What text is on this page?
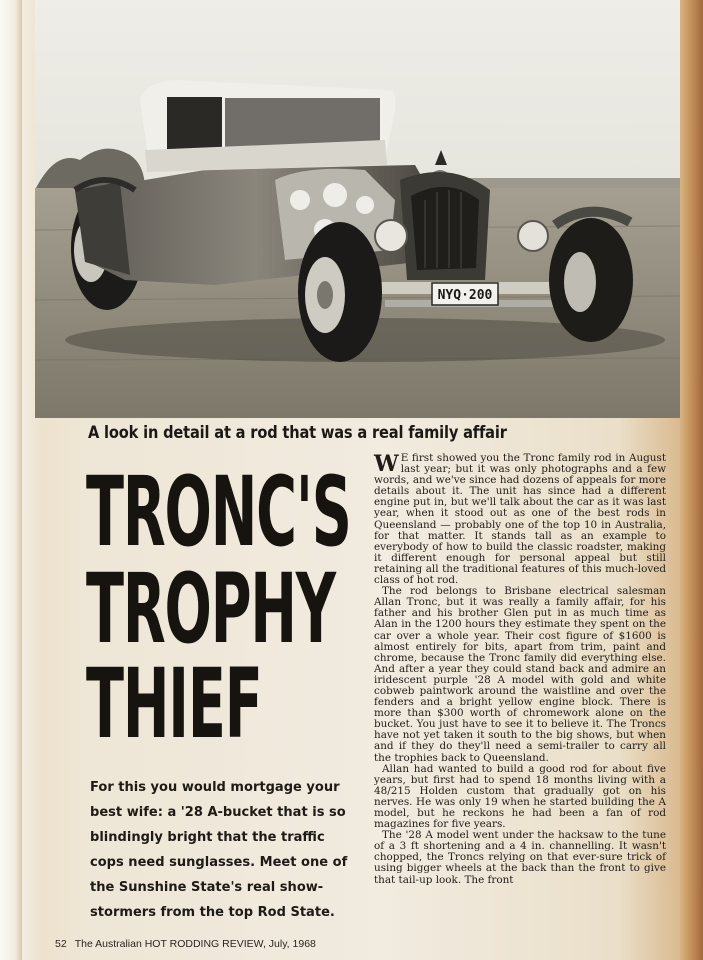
NYQ·200
A look in detail at a rod that was a real family affair
TRONC'S
TROPHY
THIEF
For this you would mortgage your best wife: a '28 A-bucket that is so blindingly bright that the traffic cops need sunglasses. Meet one of the Sunshine State's real show-stormers from the top Rod State.

W E first showed you the Tronc family rod in August last year; but it was only photographs and a few words, and we've since had dozens of appeals for more details about it. The unit has since had a different engine put in, but we'll talk about the car as it was last year, when it stood out as one of the best rods in Queensland — probably one of the top 10 in Australia, for that matter. It stands tall as an example to everybody of how to build the classic roadster, making it different enough for personal appeal but still retaining all the traditional features of this much-loved class of hot rod.

The rod belongs to Brisbane electrical salesman Allan Tronc, but it was really a family affair, for his father and his brother Glen put in as much time as Alan in the 1200 hours they estimate they spent on the car over a whole year. Their cost figure of $1600 is almost entirely for bits, apart from trim, paint and chrome, because the Tronc family did everything else. And after a year they could stand back and admire an iridescent purple '28 A model with gold and white cobweb paintwork around the waistline and over the fenders and a bright yellow engine block. There is more than $300 worth of chromework alone on the bucket. You just have to see it to believe it. The Troncs have not yet taken it south to the big shows, but when and if they do they'll need a semi-trailer to carry all the trophies back to Queensland.

Allan had wanted to build a good rod for about five years, but first had to spend 18 months living with a 48/215 Holden custom that gradually got on his nerves. He was only 19 when he started building the A model, but he reckons he had been a fan of rod magazines for five years.

The '28 A model went under the hacksaw to the tune of a 3 ft shortening and a 4 in. channelling. It wasn't chopped, the Troncs relying on that ever-sure trick of using bigger wheels at the back than the front to give that tail-up look. The front

52 The Australian HOT RODDING REVIEW, July, 1968
